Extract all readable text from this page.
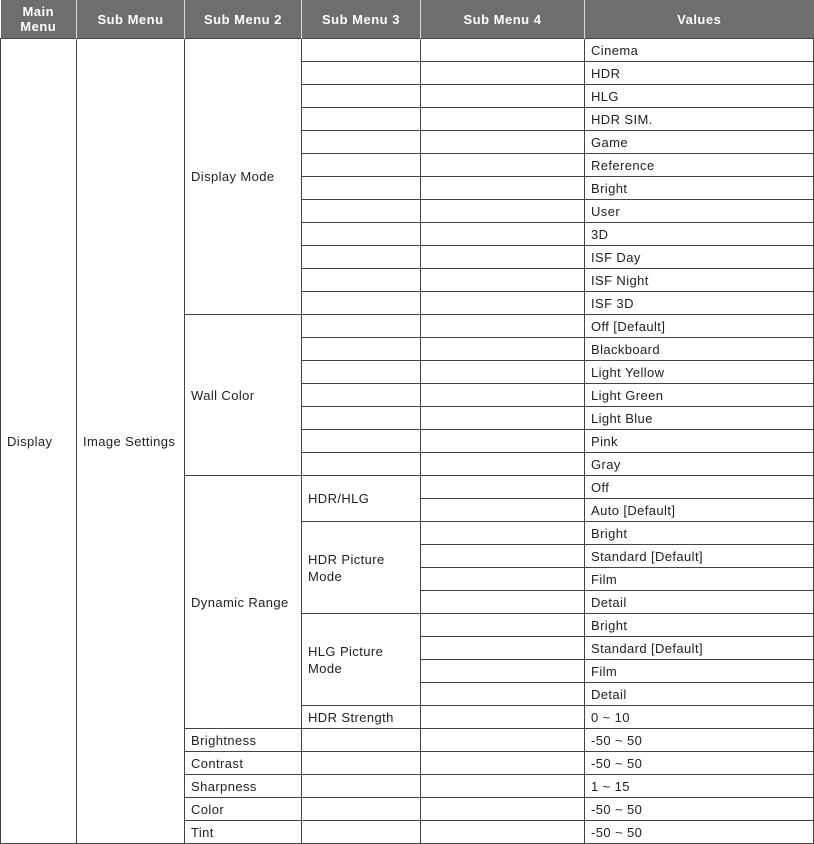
Main Menu	Sub Menu	Sub Menu 2	Sub Menu 3	Sub Menu 4	Values
Display	Image Settings	Display Mode			Cinema
					HDR
					HLG
					HDR SIM.
					Game
					Reference
					Bright
					User
					3D
					ISF Day
					ISF Night
					ISF 3D
		Wall Color			Off [Default]
					Blackboard
					Light Yellow
					Light Green
					Light Blue
					Pink
					Gray
		Dynamic Range	HDR/HLG		Off
					Auto [Default]
			HDR Picture Mode		Bright
					Standard [Default]
					Film
					Detail
			HLG Picture Mode		Bright
					Standard [Default]
					Film
					Detail
			HDR Strength		0 ~ 10
		Brightness			-50 ~ 50
		Contrast			-50 ~ 50
		Sharpness			1 ~ 15
		Color			-50 ~ 50
		Tint			-50 ~ 50
